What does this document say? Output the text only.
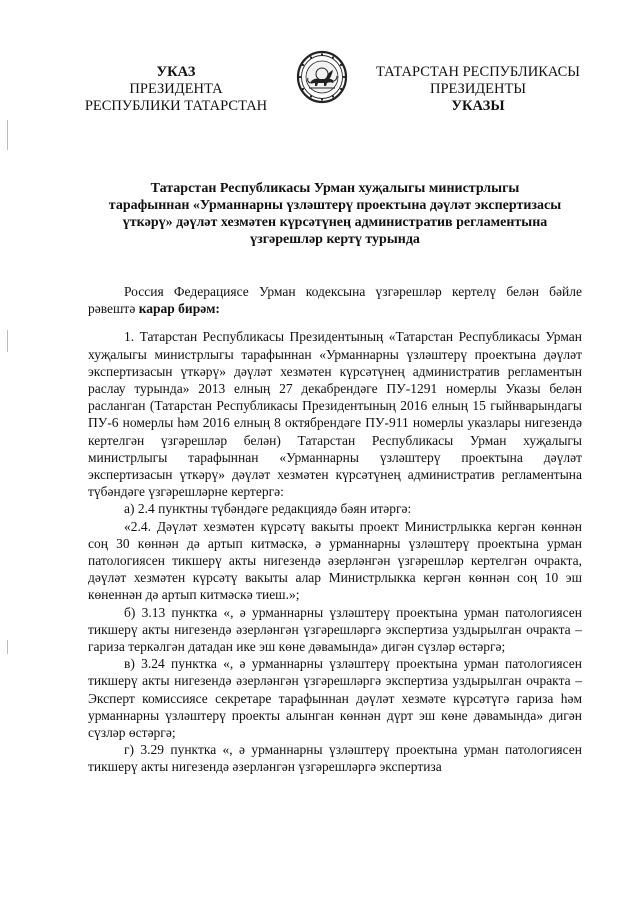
УКАЗ
ПРЕЗИДЕНТА
РЕСПУБЛИКИ ТАТАРСТАН
ТАТАРСТАН РЕСПУБЛИКАСЫ
ПРЕЗИДЕНТЫ
УКАЗЫ
Татарстан Республикасы Урман хуҗалыгы министрлыгы
тарафыннан «Урманнарны үзләштерү проектына дәүләт экспертизасы
үткәрү» дәүләт хезмәтен күрсәтүнең административ регламентына
үзгәрешләр кертү турында

Россия Федерациясе Урман кодексына үзгәрешләр кертелү белән бәйле рәвештә карар бирәм:

1. Татарстан Республикасы Президентының «Татарстан Республикасы Урман хуҗалыгы министрлыгы тарафыннан «Урманнарны үзләштерү проектына дәүләт экспертизасын үткәрү» дәүләт хезмәтен күрсәтүнең административ регламентын раслау турында» 2013 елның 27 декабрендәге ПУ-1291 номерлы Указы белән расланган (Татарстан Республикасы Президентының 2016 елның 15 гыйнварындагы ПУ-6 номерлы һәм 2016 елның 8 октябрендәге ПУ-911 номерлы указлары нигезендә кертелгән үзгәрешләр белән) Татарстан Республикасы Урман хуҗалыгы министрлыгы тарафыннан «Урманнарны үзләштерү проектына дәүләт экспертизасын үткәрү» дәүләт хезмәтен күрсәтүнең административ регламентына түбәндәге үзгәрешләрне кертергә:

а) 2.4 пунктны түбәндәге редакциядә бәян итәргә:

«2.4. Дәүләт хезмәтен күрсәтү вакыты проект Министрлыкка кергән көннән соң 30 көннән дә артып китмәскә, ә урманнарны үзләштерү проектына урман патологиясен тикшерү акты нигезендә әзерләнгән үзгәрешләр кертелгән очракта, дәүләт хезмәтен күрсәтү вакыты алар Министрлыкка кергән көннән соң 10 эш көненнән дә артып китмәскә тиеш.»;

б) 3.13 пунктка «, ә урманнарны үзләштерү проектына урман патологиясен тикшерү акты нигезендә әзерләнгән үзгәрешләргә экспертиза уздырылган очракта – гариза теркәлгән датадан ике эш көне дәвамында» дигән сүзләр өстәргә;

в) 3.24 пунктка «, ә урманнарны үзләштерү проектына урман патологиясен тикшерү акты нигезендә әзерләнгән үзгәрешләргә экспертиза уздырылган очракта – Эксперт комиссиясе секретаре тарафыннан дәүләт хезмәте күрсәтүгә гариза һәм урманнарны үзләштерү проекты алынган көннән дүрт эш көне дәвамында» дигән сүзләр өстәргә;

г) 3.29 пунктка «, ә урманнарны үзләштерү проектына урман патологиясен тикшерү акты нигезендә әзерләнгән үзгәрешләргә экспертиза
